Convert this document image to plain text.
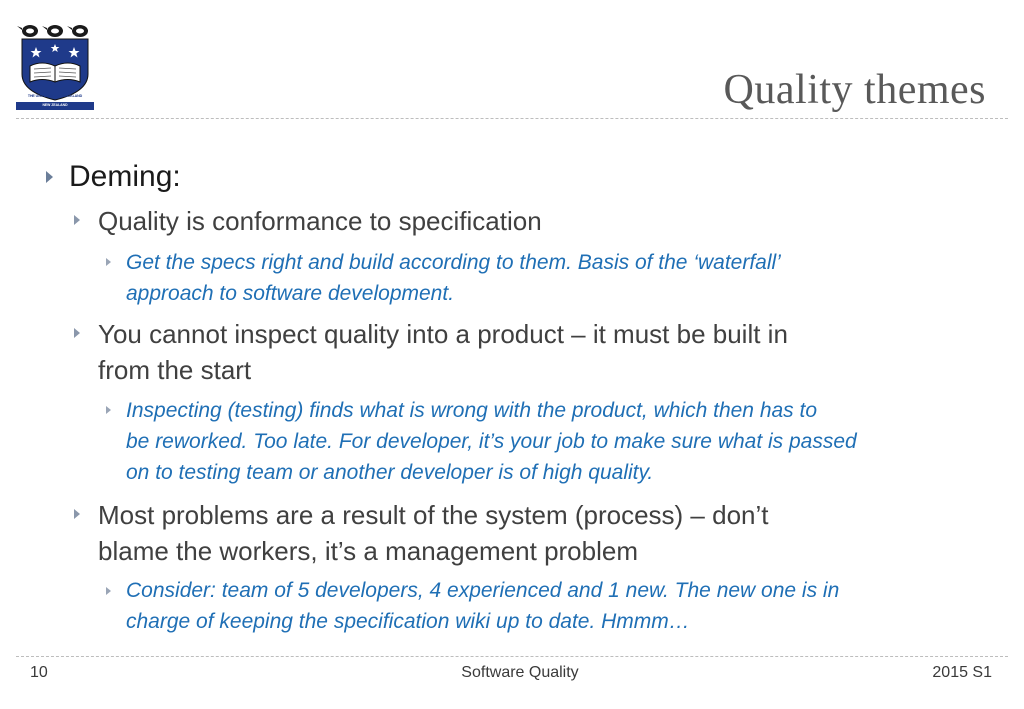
THE UNIVERSITY OF AUCKLAND
NEW ZEALAND	Quality themes
Deming:
Quality is conformance to specification
Get the specs right and build according to them. Basis of the ‘waterfall’
approach to software development.
You cannot inspect quality into a product – it must be built in
from the start
Inspecting (testing) finds what is wrong with the product, which then has to
be reworked. Too late. For developer, it’s your job to make sure what is passed
on to testing team or another developer is of high quality.
Most problems are a result of the system (process) – don’t
blame the workers, it’s a management problem
Consider: team of 5 developers, 4 experienced and 1 new. The new one is in
charge of keeping the specification wiki up to date. Hmmm…
10	Software Quality	2015 S1
